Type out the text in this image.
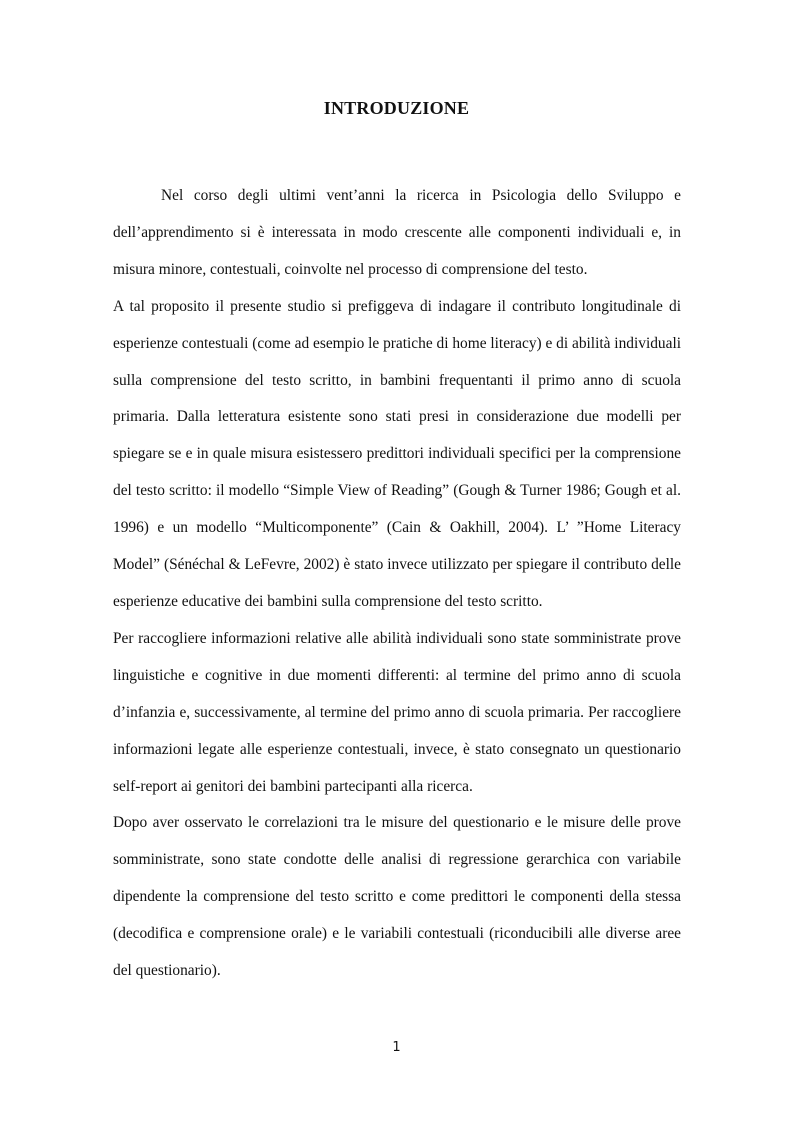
INTRODUZIONE

Nel corso degli ultimi vent’anni la ricerca in Psicologia dello Sviluppo e dell’apprendimento si è interessata in modo crescente alle componenti individuali e, in misura minore, contestuali, coinvolte nel processo di comprensione del testo.

A tal proposito il presente studio si prefiggeva di indagare il contributo longitudinale di esperienze contestuali (come ad esempio le pratiche di home literacy) e di abilità individuali sulla comprensione del testo scritto, in bambini frequentanti il primo anno di scuola primaria. Dalla letteratura esistente sono stati presi in considerazione due modelli per spiegare se e in quale misura esistessero predittori individuali specifici per la comprensione del testo scritto: il modello “Simple View of Reading” (Gough & Turner 1986; Gough et al. 1996) e un modello “Multicomponente” (Cain & Oakhill, 2004). L’ ”Home Literacy Model” (Sénéchal & LeFevre, 2002) è stato invece utilizzato per spiegare il contributo delle esperienze educative dei bambini sulla comprensione del testo scritto.

Per raccogliere informazioni relative alle abilità individuali sono state somministrate prove linguistiche e cognitive in due momenti differenti: al termine del primo anno di scuola d’infanzia e, successivamente, al termine del primo anno di scuola primaria. Per raccogliere informazioni legate alle esperienze contestuali, invece, è stato consegnato un questionario self-report ai genitori dei bambini partecipanti alla ricerca.

Dopo aver osservato le correlazioni tra le misure del questionario e le misure delle prove somministrate, sono state condotte delle analisi di regressione gerarchica con variabile dipendente la comprensione del testo scritto e come predittori le componenti della stessa (decodifica e comprensione orale) e le variabili contestuali (riconducibili alle diverse aree del questionario).

1
